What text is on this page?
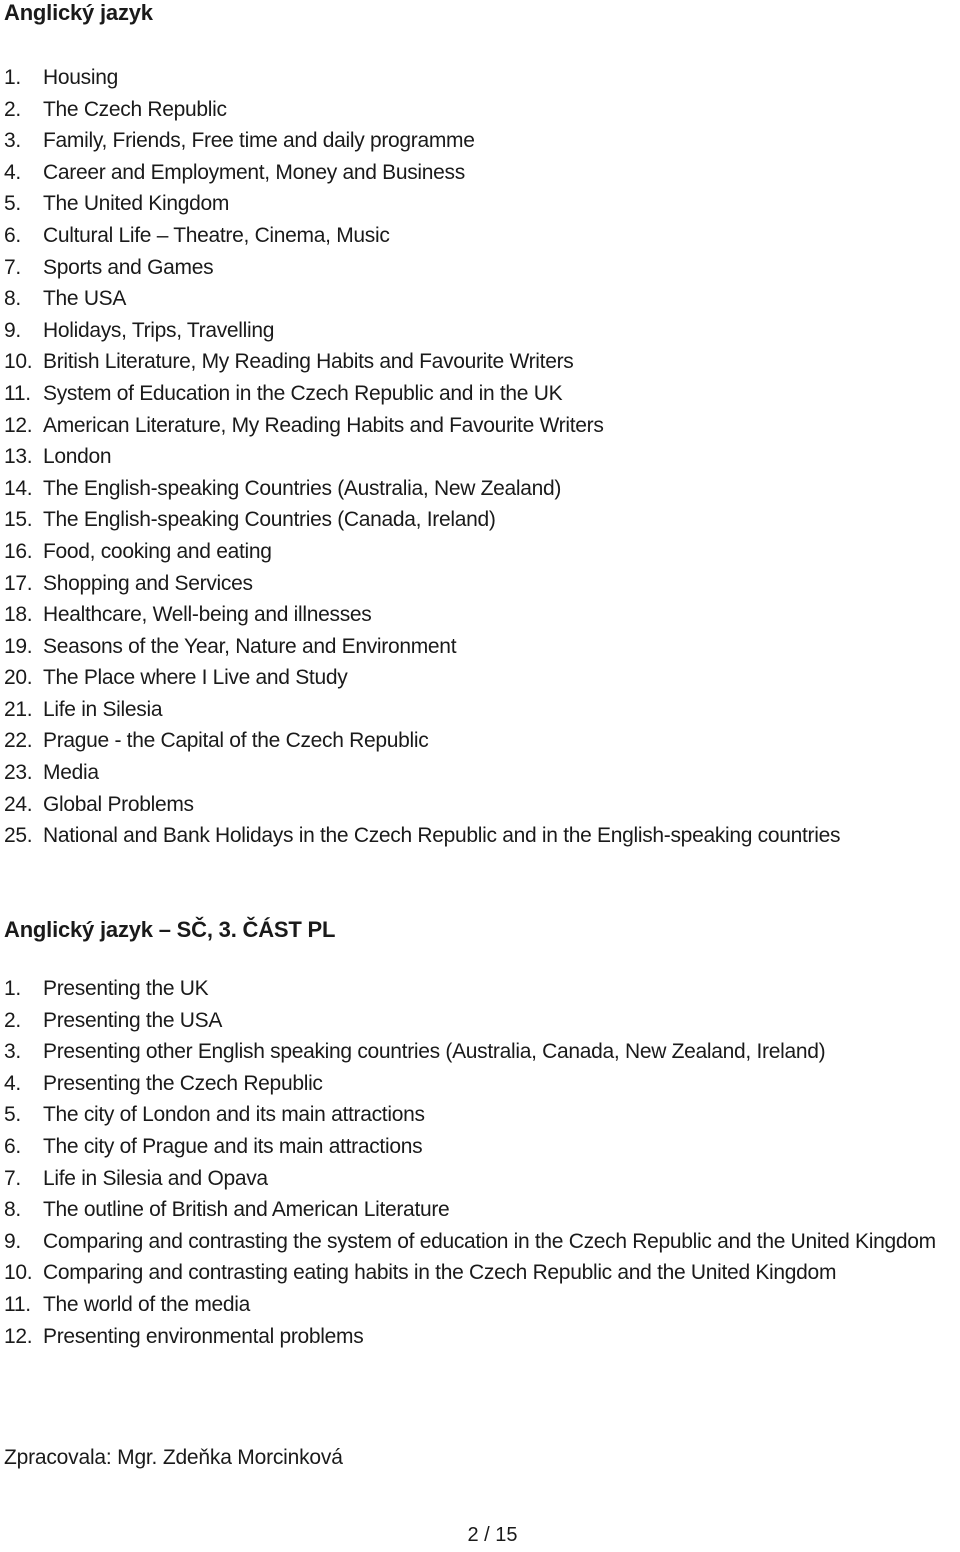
Anglický jazyk
1.	Housing
2.	The Czech Republic
3.	Family, Friends, Free time and daily programme
4.	Career and Employment, Money and Business
5.	The United Kingdom
6.	Cultural Life – Theatre, Cinema, Music
7.	Sports and Games
8.	The USA
9.	Holidays, Trips, Travelling
10. British Literature, My Reading Habits and Favourite Writers
11. System of Education in the Czech Republic and in the UK
12. American Literature, My Reading Habits and Favourite Writers
13. London
14. The English-speaking Countries (Australia, New Zealand)
15. The English-speaking Countries (Canada, Ireland)
16. Food, cooking and eating
17. Shopping and Services
18. Healthcare, Well-being and illnesses
19. Seasons of the Year, Nature and Environment
20. The Place where I Live and Study
21. Life in Silesia
22. Prague - the Capital of the Czech Republic
23. Media
24. Global Problems
25. National and Bank Holidays in the Czech Republic and in the English-speaking countries
Anglický jazyk – SČ, 3. ČÁST PL
1.	Presenting the UK
2.	Presenting the USA
3.	Presenting other English speaking countries (Australia, Canada, New Zealand, Ireland)
4.	Presenting the Czech Republic
5.	The city of London and its main attractions
6.	The city of Prague and its main attractions
7.	Life in Silesia and Opava
8.	The outline of British and American Literature
9.	Comparing and contrasting the system of education in the Czech Republic and the United Kingdom
10. Comparing and contrasting eating habits in the Czech Republic and the United Kingdom
11. The world of the media
12. Presenting environmental problems

Zpracovala: Mgr. Zdeňka Morcinková

2 / 15
